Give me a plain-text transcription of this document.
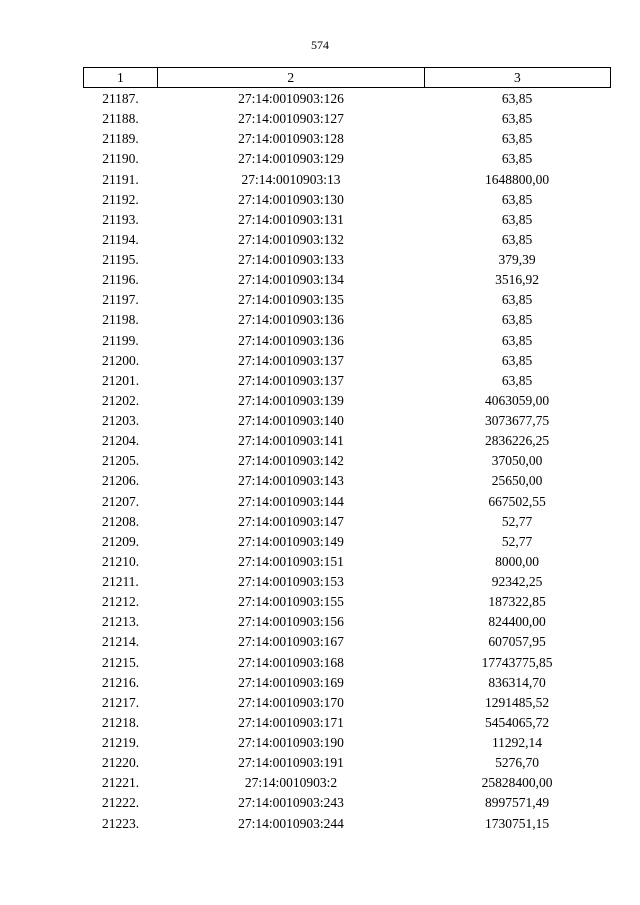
574
1	2	3
21187.	27:14:0010903:126	63,85
21188.	27:14:0010903:127	63,85
21189.	27:14:0010903:128	63,85
21190.	27:14:0010903:129	63,85
21191.	27:14:0010903:13	1648800,00
21192.	27:14:0010903:130	63,85
21193.	27:14:0010903:131	63,85
21194.	27:14:0010903:132	63,85
21195.	27:14:0010903:133	379,39
21196.	27:14:0010903:134	3516,92
21197.	27:14:0010903:135	63,85
21198.	27:14:0010903:136	63,85
21199.	27:14:0010903:136	63,85
21200.	27:14:0010903:137	63,85
21201.	27:14:0010903:137	63,85
21202.	27:14:0010903:139	4063059,00
21203.	27:14:0010903:140	3073677,75
21204.	27:14:0010903:141	2836226,25
21205.	27:14:0010903:142	37050,00
21206.	27:14:0010903:143	25650,00
21207.	27:14:0010903:144	667502,55
21208.	27:14:0010903:147	52,77
21209.	27:14:0010903:149	52,77
21210.	27:14:0010903:151	8000,00
21211.	27:14:0010903:153	92342,25
21212.	27:14:0010903:155	187322,85
21213.	27:14:0010903:156	824400,00
21214.	27:14:0010903:167	607057,95
21215.	27:14:0010903:168	17743775,85
21216.	27:14:0010903:169	836314,70
21217.	27:14:0010903:170	1291485,52
21218.	27:14:0010903:171	5454065,72
21219.	27:14:0010903:190	11292,14
21220.	27:14:0010903:191	5276,70
21221.	27:14:0010903:2	25828400,00
21222.	27:14:0010903:243	8997571,49
21223.	27:14:0010903:244	1730751,15
